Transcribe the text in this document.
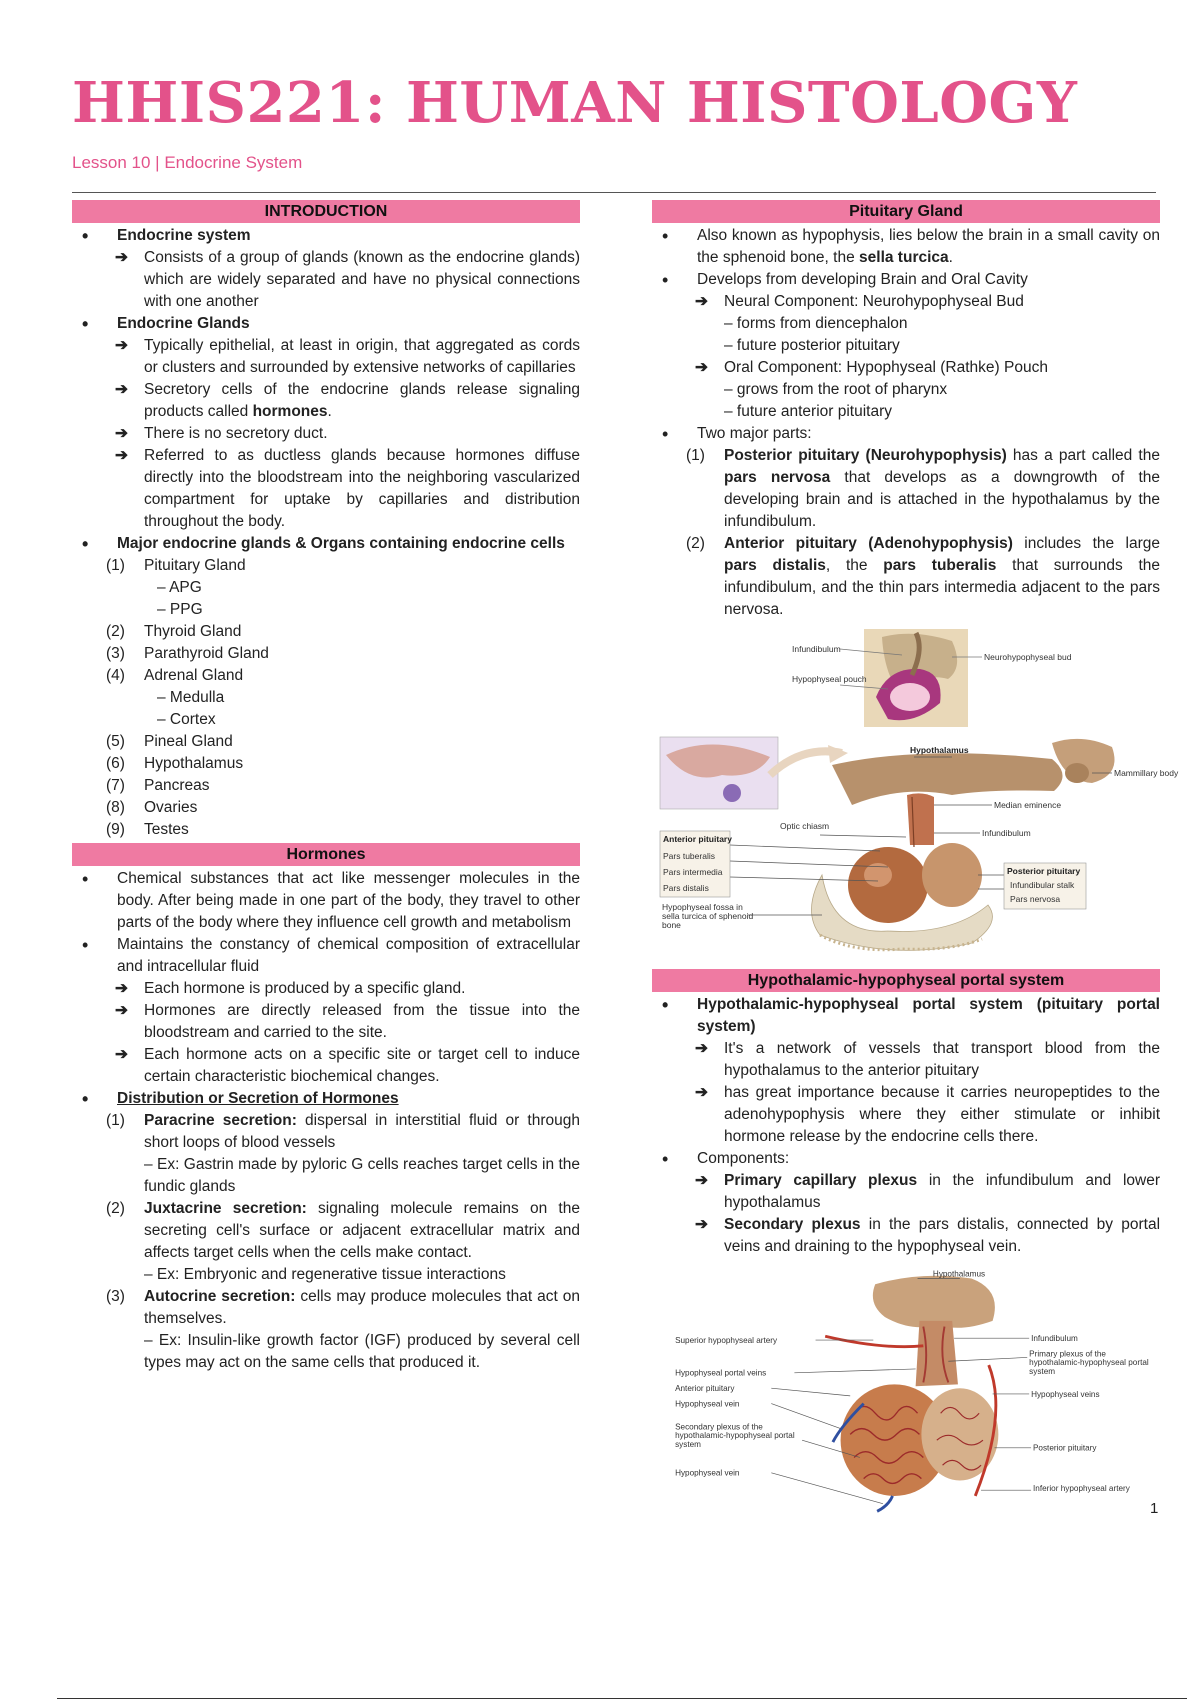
HHIS221: HUMAN HISTOLOGY
Lesson 10 | Endocrine System
INTRODUCTION
• Endocrine system
➔ Consists of a group of glands (known as the endocrine glands) which are widely separated and have no physical connections with one another
• Endocrine Glands
➔ Typically epithelial, at least in origin, that aggregated as cords or clusters and surrounded by extensive networks of capillaries
➔ Secretory cells of the endocrine glands release signaling products called hormones.
➔ There is no secretory duct.
➔ Referred to as ductless glands because hormones diffuse directly into the bloodstream into the neighboring vascularized compartment for uptake by capillaries and distribution throughout the body.
• Major endocrine glands & Organs containing endocrine cells
(1) Pituitary Gland
– APG
– PPG
(2) Thyroid Gland
(3) Parathyroid Gland
(4) Adrenal Gland
– Medulla
– Cortex
(5) Pineal Gland
(6) Hypothalamus
(7) Pancreas
(8) Ovaries
(9) Testes
Hormones
• Chemical substances that act like messenger molecules in the body. After being made in one part of the body, they travel to other parts of the body where they influence cell growth and metabolism
• Maintains the constancy of chemical composition of extracellular and intracellular fluid
➔ Each hormone is produced by a specific gland.
➔ Hormones are directly released from the tissue into the bloodstream and carried to the site.
➔ Each hormone acts on a specific site or target cell to induce certain characteristic biochemical changes.
• Distribution or Secretion of Hormones
(1) Paracrine secretion: dispersal in interstitial fluid or through short loops of blood vessels
– Ex: Gastrin made by pyloric G cells reaches target cells in the fundic glands
(2) Juxtacrine secretion: signaling molecule remains on the secreting cell's surface or adjacent extracellular matrix and affects target cells when the cells make contact.
– Ex: Embryonic and regenerative tissue interactions
(3) Autocrine secretion: cells may produce molecules that act on themselves.
– Ex: Insulin-like growth factor (IGF) produced by several cell types may act on the same cells that produced it.
Pituitary Gland
• Also known as hypophysis, lies below the brain in a small cavity on the sphenoid bone, the sella turcica.
• Develops from developing Brain and Oral Cavity
➔ Neural Component: Neurohypophyseal Bud
– forms from diencephalon
– future posterior pituitary
➔ Oral Component: Hypophyseal (Rathke) Pouch
– grows from the root of pharynx
– future anterior pituitary
• Two major parts:
(1) Posterior pituitary (Neurohypophysis) has a part called the pars nervosa that develops as a downgrowth of the developing brain and is attached in the hypothalamus by the infundibulum.
(2) Anterior pituitary (Adenohypophysis) includes the large pars distalis, the pars tuberalis that surrounds the infundibulum, and the thin pars intermedia adjacent to the pars nervosa.
Infundibulum
Hypophyseal pouch
Neurohypophyseal bud
Hypothalamus
Mammillary body
Median eminence
Infundibulum
Optic chiasm
Anterior pituitary
Pars tuberalis
Pars intermedia
Pars distalis
Posterior pituitary
Infundibular stalk
Pars nervosa
Hypophyseal fossa in sella turcica of sphenoid bone
Hypothalamic-hypophyseal portal system
• Hypothalamic-hypophyseal portal system (pituitary portal system)
➔ It's a network of vessels that transport blood from the hypothalamus to the anterior pituitary
➔ has great importance because it carries neuropeptides to the adenohypophysis where they either stimulate or inhibit hormone release by the endocrine cells there.
• Components:
➔ Primary capillary plexus in the infundibulum and lower hypothalamus
➔ Secondary plexus in the pars distalis, connected by portal veins and draining to the hypophyseal vein.
Hypothalamus
Superior hypophyseal artery
Hypophyseal portal veins
Anterior pituitary
Hypophyseal vein
Secondary plexus of the hypothalamic-hypophyseal portal system
Hypophyseal vein
Infundibulum
Primary plexus of the hypothalamic-hypophyseal portal system
Hypophyseal veins
Posterior pituitary
Inferior hypophyseal artery
1
